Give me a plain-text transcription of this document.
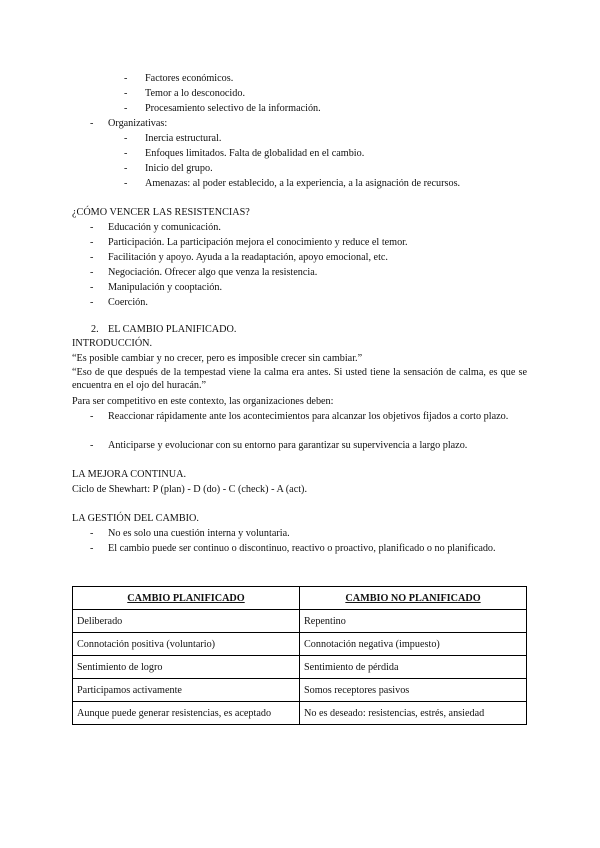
- Factores económicos.
- Temor a lo desconocido.
- Procesamiento selectivo de la información.
- Organizativas:
- Inercia estructural.
- Enfoques limitados. Falta de globalidad en el cambio.
- Inicio del grupo.
- Amenazas: al poder establecido, a la experiencia, a la asignación de recursos.
¿CÓMO VENCER LAS RESISTENCIAS?
- Educación y comunicación.
- Participación. La participación mejora el conocimiento y reduce el temor.
- Facilitación y apoyo. Ayuda a la readaptación, apoyo emocional, etc.
- Negociación. Ofrecer algo que venza la resistencia.
- Manipulación y cooptación.
- Coerción.
2. EL CAMBIO PLANIFICADO.
INTRODUCCIÓN.
“Es posible cambiar y no crecer, pero es imposible crecer sin cambiar.”
“Eso de que después de la tempestad viene la calma era antes. Si usted tiene la sensación de calma, es que se encuentra en el ojo del huracán.”
Para ser competitivo en este contexto, las organizaciones deben:
- Reaccionar rápidamente ante los acontecimientos para alcanzar los objetivos fijados a corto plazo.
- Anticiparse y evolucionar con su entorno para garantizar su supervivencia a largo plazo.
LA MEJORA CONTINUA.
Ciclo de Shewhart: P (plan) - D (do) - C (check) - A (act).
LA GESTIÓN DEL CAMBIO.
- No es solo una cuestión interna y voluntaria.
- El cambio puede ser continuo o discontinuo, reactivo o proactivo, planificado o no planificado.
CAMBIO PLANIFICADO	CAMBIO NO PLANIFICADO
Deliberado	Repentino
Connotación positiva (voluntario)	Connotación negativa (impuesto)
Sentimiento de logro	Sentimiento de pérdida
Participamos activamente	Somos receptores pasivos
Aunque puede generar resistencias, es aceptado	No es deseado: resistencias, estrés, ansiedad
